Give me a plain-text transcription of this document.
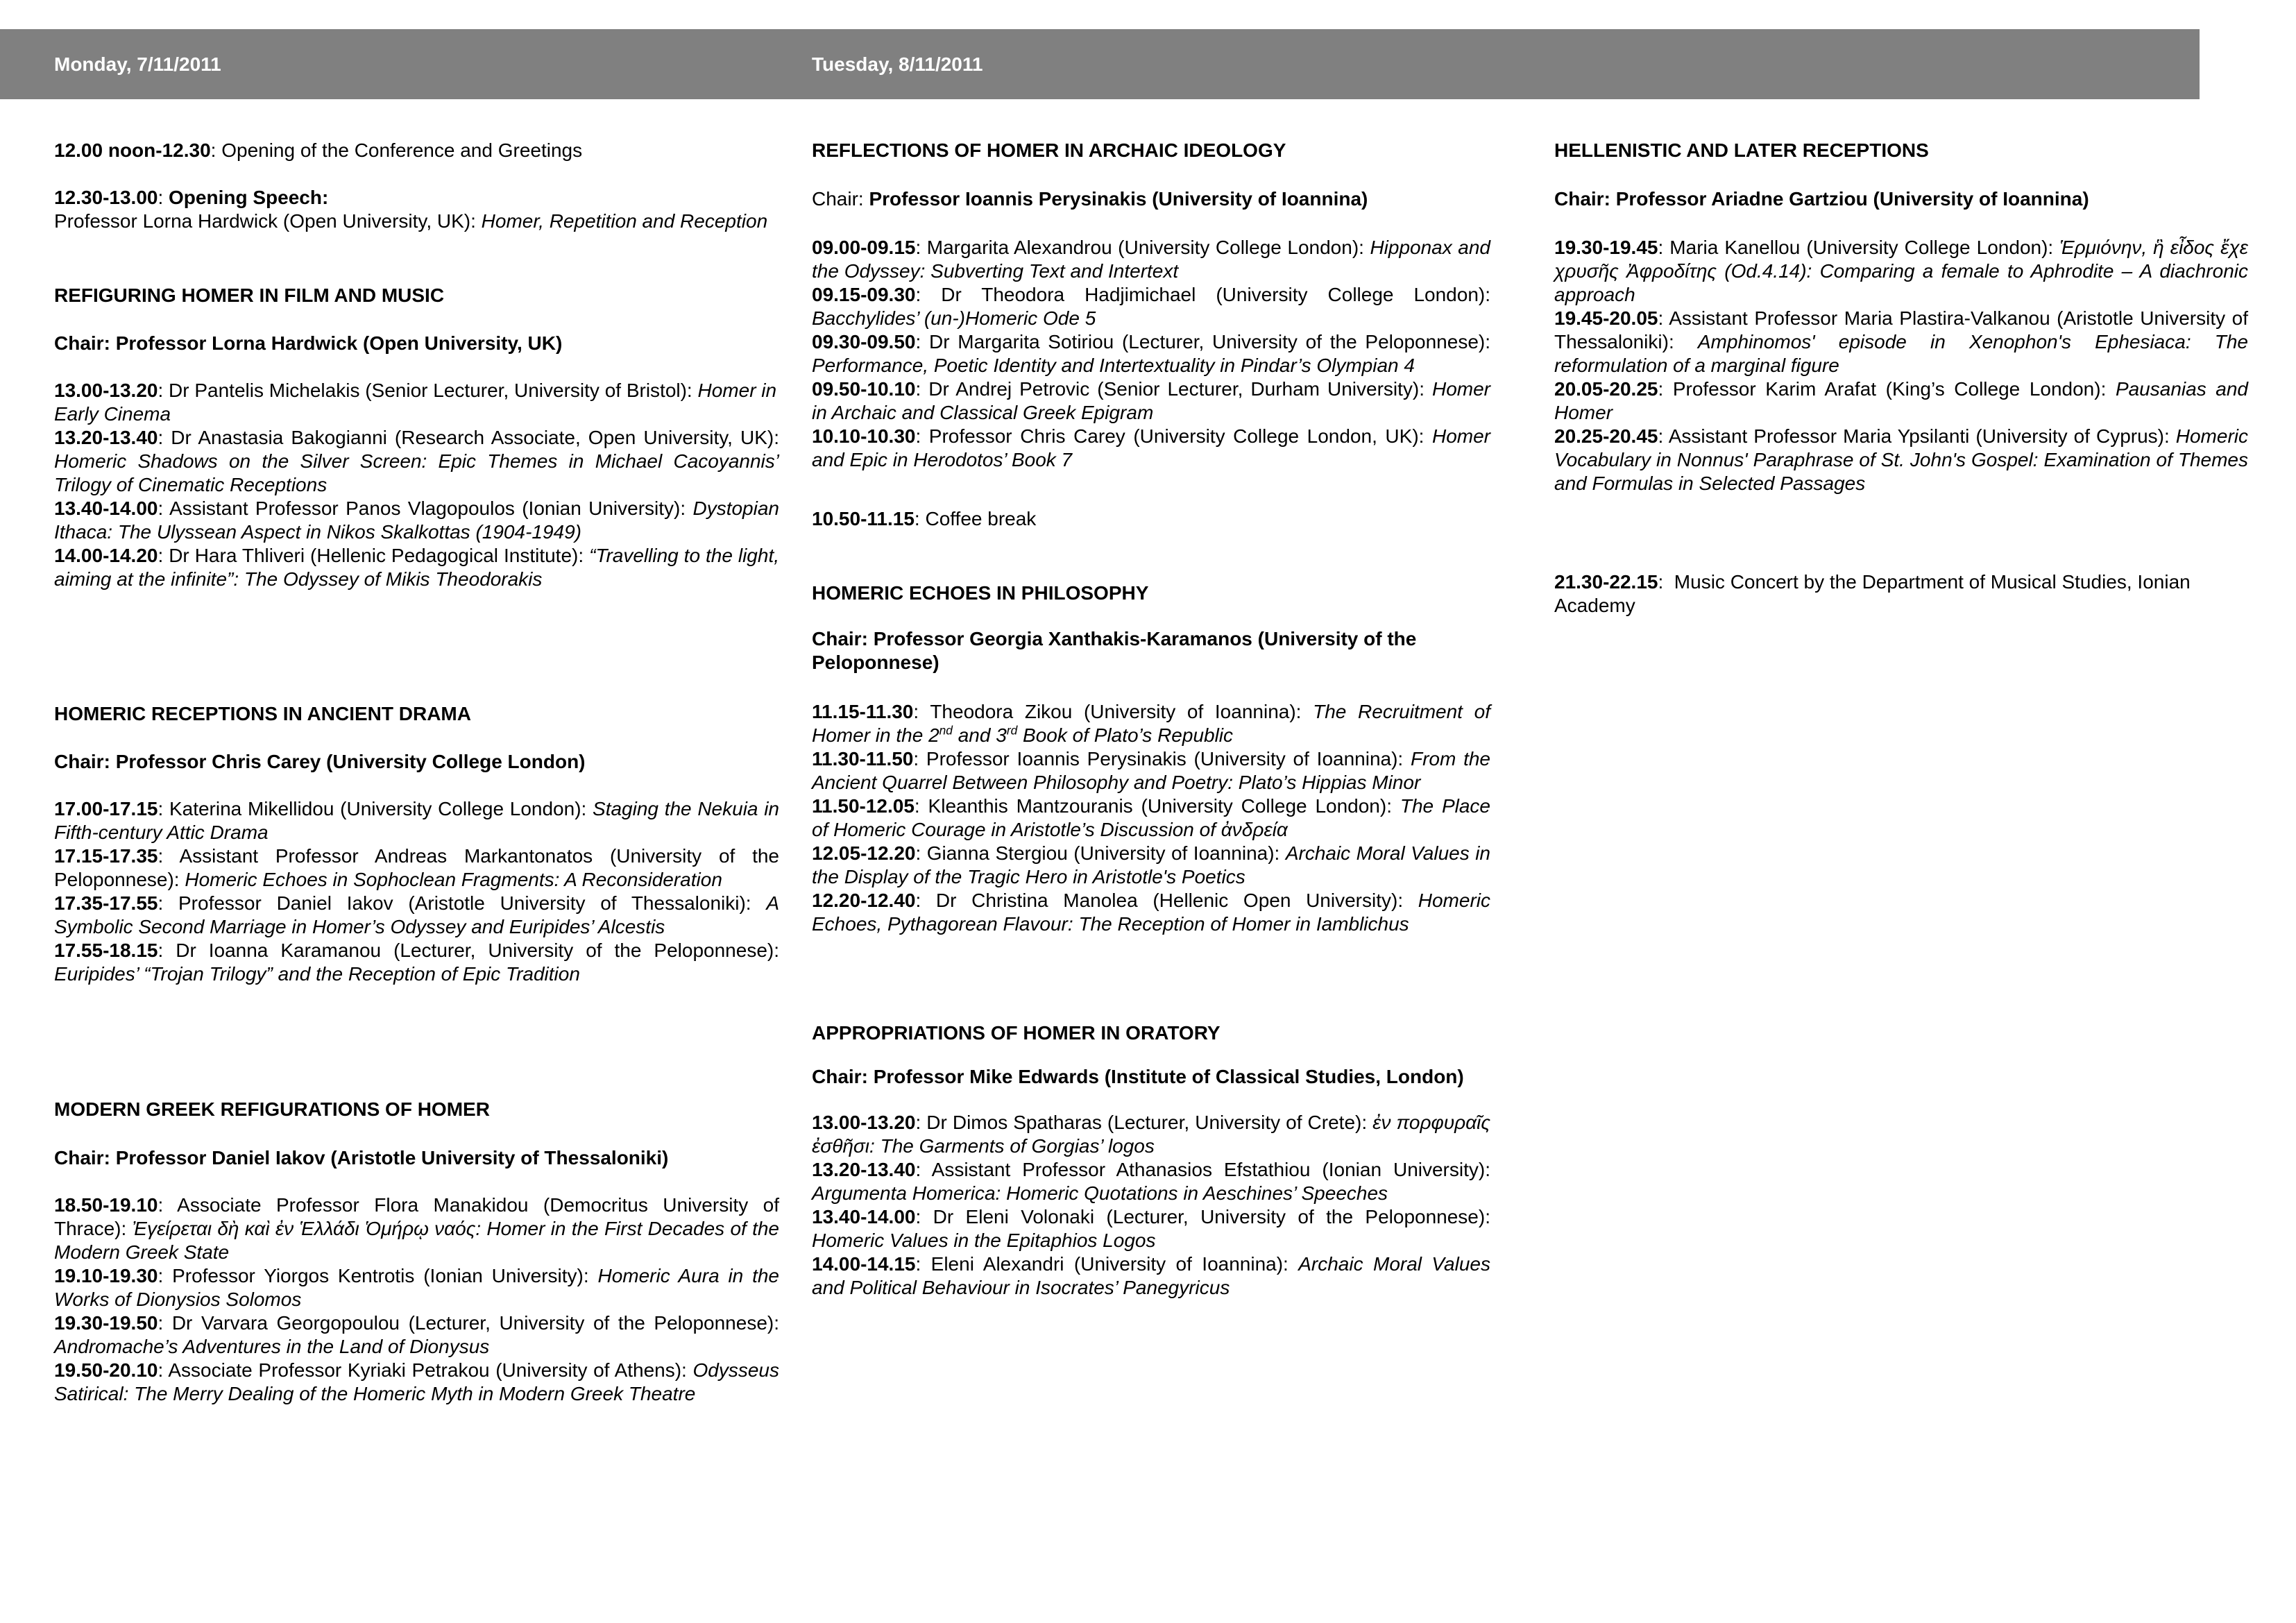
Monday, 7/11/2011	Tuesday, 8/11/2011
12.00 noon-12.30: Opening of the Conference and Greetings
12.30-13.00: Opening Speech:
Professor Lorna Hardwick (Open University, UK): Homer, Repetition and Reception
REFIGURING HOMER IN FILM AND MUSIC
Chair: Professor Lorna Hardwick (Open University, UK)
13.00-13.20: Dr Pantelis Michelakis (Senior Lecturer, University of Bristol): Homer in Early Cinema
13.20-13.40: Dr Anastasia Bakogianni (Research Associate, Open University, UK): Homeric Shadows on the Silver Screen: Epic Themes in Michael Cacoyannis’ Trilogy of Cinematic Receptions
13.40-14.00: Assistant Professor Panos Vlagopoulos (Ionian University): Dystopian Ithaca: The Ulyssean Aspect in Nikos Skalkottas (1904-1949)
14.00-14.20: Dr Hara Thliveri (Hellenic Pedagogical Institute): “Travelling to the light, aiming at the infinite”: The Odyssey of Mikis Theodorakis
HOMERIC RECEPTIONS IN ANCIENT DRAMA
Chair: Professor Chris Carey (University College London)
17.00-17.15: Katerina Mikellidou (University College London): Staging the Nekuia in Fifth-century Attic Drama
17.15-17.35: Assistant Professor Andreas Markantonatos (University of the Peloponnese): Homeric Echoes in Sophoclean Fragments: A Reconsideration
17.35-17.55: Professor Daniel Iakov (Aristotle University of Thessaloniki): A Symbolic Second Marriage in Homer’s Odyssey and Euripides’ Alcestis
17.55-18.15: Dr Ioanna Karamanou (Lecturer, University of the Peloponnese): Euripides’ “Trojan Trilogy” and the Reception of Epic Tradition
MODERN GREEK REFIGURATIONS OF HOMER
Chair: Professor Daniel Iakov (Aristotle University of Thessaloniki)
18.50-19.10: Associate Professor Flora Manakidou (Democritus University of Thrace): Ἐγείρεται δὴ καὶ ἐν Ἑλλάδι Ὁμήρῳ ναός: Homer in the First Decades of the Modern Greek State
19.10-19.30: Professor Yiorgos Kentrotis (Ionian University): Homeric Aura in the Works of Dionysios Solomos
19.30-19.50: Dr Varvara Georgopoulou (Lecturer, University of the Peloponnese): Andromache’s Adventures in the Land of Dionysus
19.50-20.10: Associate Professor Kyriaki Petrakou (University of Athens): Odysseus Satirical: The Merry Dealing of the Homeric Myth in Modern Greek Theatre
REFLECTIONS OF HOMER IN ARCHAIC IDEOLOGY
Chair: Professor Ioannis Perysinakis (University of Ioannina)
09.00-09.15: Margarita Alexandrou (University College London): Hipponax and the Odyssey: Subverting Text and Intertext
09.15-09.30: Dr Theodora Hadjimichael (University College London): Bacchylides’ (un-)Homeric Ode 5
09.30-09.50: Dr Margarita Sotiriou (Lecturer, University of the Peloponnese): Performance, Poetic Identity and Intertextuality in Pindar’s Olympian 4
09.50-10.10: Dr Andrej Petrovic (Senior Lecturer, Durham University): Homer in Archaic and Classical Greek Epigram
10.10-10.30: Professor Chris Carey (University College London, UK): Homer and Epic in Herodotos’ Book 7
10.50-11.15: Coffee break
HOMERIC ECHOES IN PHILOSOPHY
Chair: Professor Georgia Xanthakis-Karamanos (University of the Peloponnese)
11.15-11.30: Theodora Zikou (University of Ioannina): The Recruitment of Homer in the 2nd and 3rd Book of Plato’s Republic
11.30-11.50: Professor Ioannis Perysinakis (University of Ioannina): From the Ancient Quarrel Between Philosophy and Poetry: Plato’s Hippias Minor
11.50-12.05: Kleanthis Mantzouranis (University College London): The Place of Homeric Courage in Aristotle’s Discussion of ἀνδρεία
12.05-12.20: Gianna Stergiou (University of Ioannina): Archaic Moral Values in the Display of the Tragic Hero in Aristotle's Poetics
12.20-12.40: Dr Christina Manolea (Hellenic Open University): Homeric Echoes, Pythagorean Flavour: The Reception of Homer in Iamblichus
APPROPRIATIONS OF HOMER IN ORATORY
Chair: Professor Mike Edwards (Institute of Classical Studies, London)
13.00-13.20: Dr Dimos Spatharas (Lecturer, University of Crete): ἐν πορφυραῖς ἐσθῆσι: The Garments of Gorgias’ logos
13.20-13.40: Assistant Professor Athanasios Efstathiou (Ionian University): Argumenta Homerica: Homeric Quotations in Aeschines’ Speeches
13.40-14.00: Dr Eleni Volonaki (Lecturer, University of the Peloponnese): Homeric Values in the Epitaphios Logos
14.00-14.15: Eleni Alexandri (University of Ioannina): Archaic Moral Values and Political Behaviour in Isocrates’ Panegyricus
HELLENISTIC AND LATER RECEPTIONS
Chair: Professor Ariadne Gartziou (University of Ioannina)
19.30-19.45: Maria Kanellou (University College London): Ἑρμιόνην, ἣ εἶδος ἔχε χρυσῆς Ἀφροδίτης (Od.4.14): Comparing a female to Aphrodite – A diachronic approach
19.45-20.05: Assistant Professor Maria Plastira-Valkanou (Aristotle University of Thessaloniki): Amphinomos' episode in Xenophon's Ephesiaca: The reformulation of a marginal figure
20.05-20.25: Professor Karim Arafat (King’s College London): Pausanias and Homer
20.25-20.45: Assistant Professor Maria Ypsilanti (University of Cyprus): Homeric Vocabulary in Nonnus' Paraphrase of St. John's Gospel: Examination of Themes and Formulas in Selected Passages
21.30-22.15:  Music Concert by the Department of Musical Studies, Ionian Academy
